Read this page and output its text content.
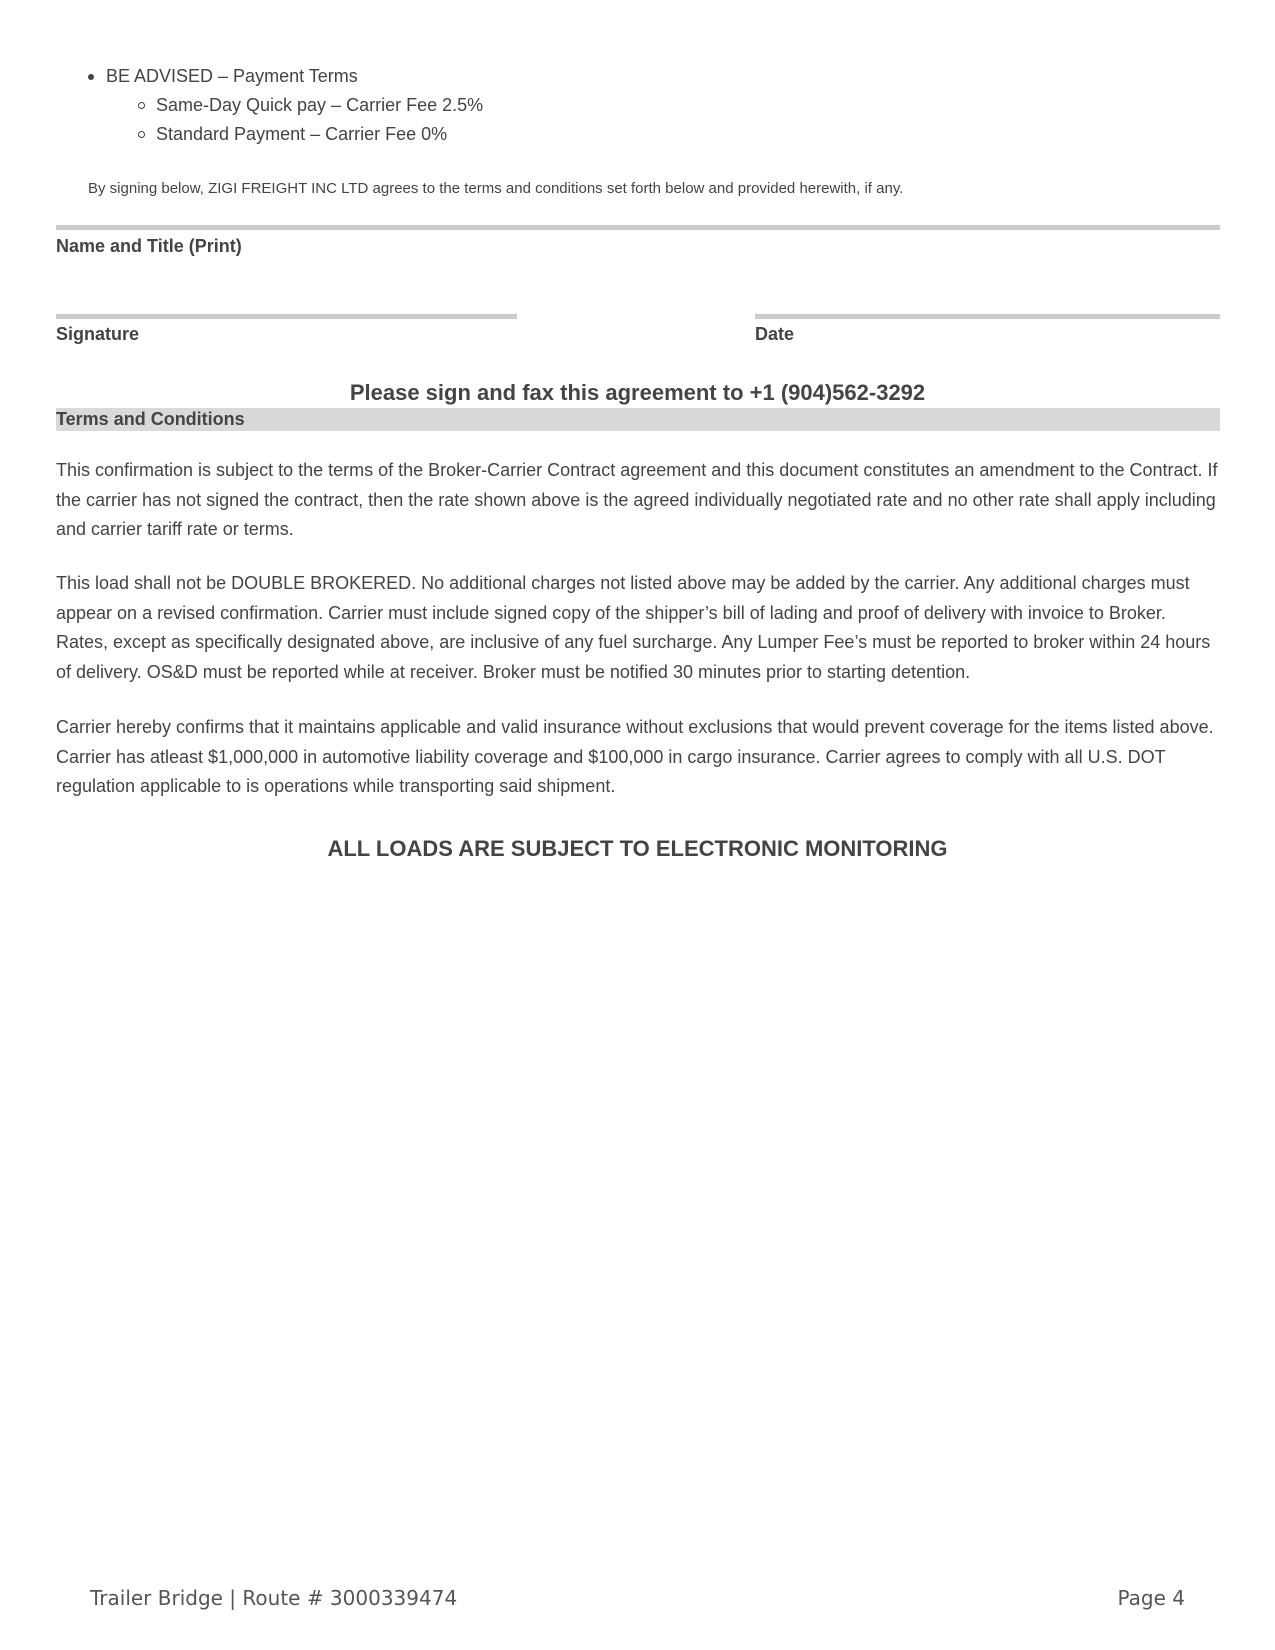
BE ADVISED – Payment Terms
Same-Day Quick pay – Carrier Fee 2.5%
Standard Payment – Carrier Fee 0%
By signing below, ZIGI FREIGHT INC LTD agrees to the terms and conditions set forth below and provided herewith, if any.
Name and Title (Print)
Signature	Date
Please sign and fax this agreement to +1 (904)562-3292
Terms and Conditions

This confirmation is subject to the terms of the Broker-Carrier Contract agreement and this document constitutes an amendment to the Contract. If the carrier has not signed the contract, then the rate shown above is the agreed individually negotiated rate and no other rate shall apply including and carrier tariff rate or terms.

This load shall not be DOUBLE BROKERED. No additional charges not listed above may be added by the carrier. Any additional charges must appear on a revised confirmation. Carrier must include signed copy of the shipper’s bill of lading and proof of delivery with invoice to Broker. Rates, except as specifically designated above, are inclusive of any fuel surcharge. Any Lumper Fee’s must be reported to broker within 24 hours of delivery. OS&D must be reported while at receiver. Broker must be notified 30 minutes prior to starting detention.

Carrier hereby confirms that it maintains applicable and valid insurance without exclusions that would prevent coverage for the items listed above. Carrier has atleast $1,000,000 in automotive liability coverage and $100,000 in cargo insurance. Carrier agrees to comply with all U.S. DOT regulation applicable to is operations while transporting said shipment.

ALL LOADS ARE SUBJECT TO ELECTRONIC MONITORING
Trailer Bridge | Route # 3000339474	Page 4
